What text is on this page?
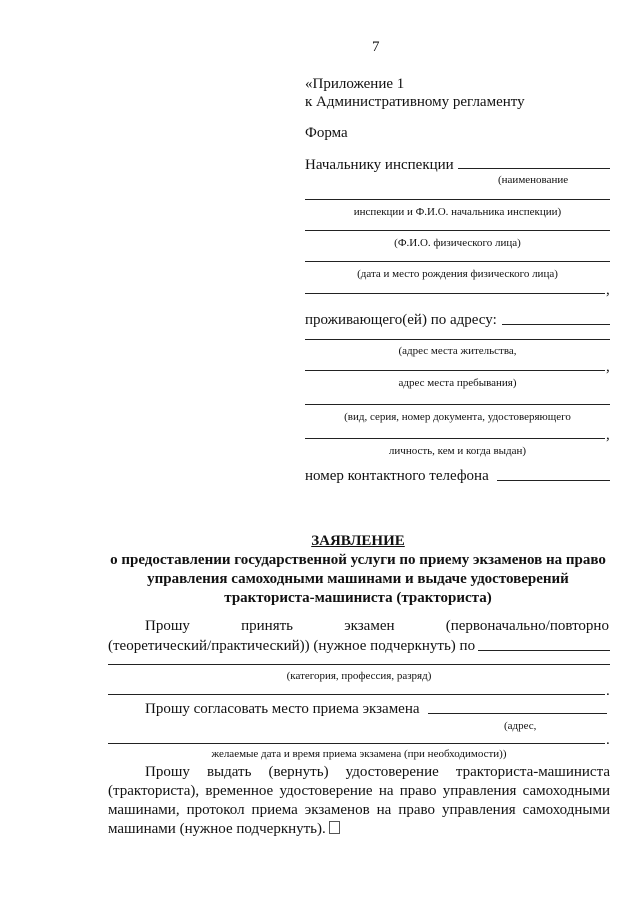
7
«Приложение 1
к Административному регламенту
Форма
Начальнику инспекции
(наименование
инспекции и Ф.И.О. начальника инспекции)
(Ф.И.О. физического лица)
(дата и место рождения физического лица)
,
проживающего(ей) по адресу:
(адрес места жительства,
,
адрес места пребывания)
(вид, серия, номер документа, удостоверяющего
,
личность, кем и когда выдан)
номер контактного телефона
ЗАЯВЛЕНИЕ
о предоставлении государственной услуги по приему экзаменов на право
управления самоходными машинами и выдаче удостоверений
тракториста-машиниста (тракториста)
Прошу	принять	экзамен	(первоначально/повторно
(теоретический/практический)) (нужное подчеркнуть) по
(категория, профессия, разряд)
.
Прошу согласовать место приема экзамена
(адрес,
.
желаемые дата и время приема экзамена (при необходимости))
Прошу выдать (вернуть) удостоверение тракториста-машиниста (тракториста), временное удостоверение на право управления самоходными машинами, протокол приема экзаменов на право управления самоходными машинами (нужное подчеркнуть).
